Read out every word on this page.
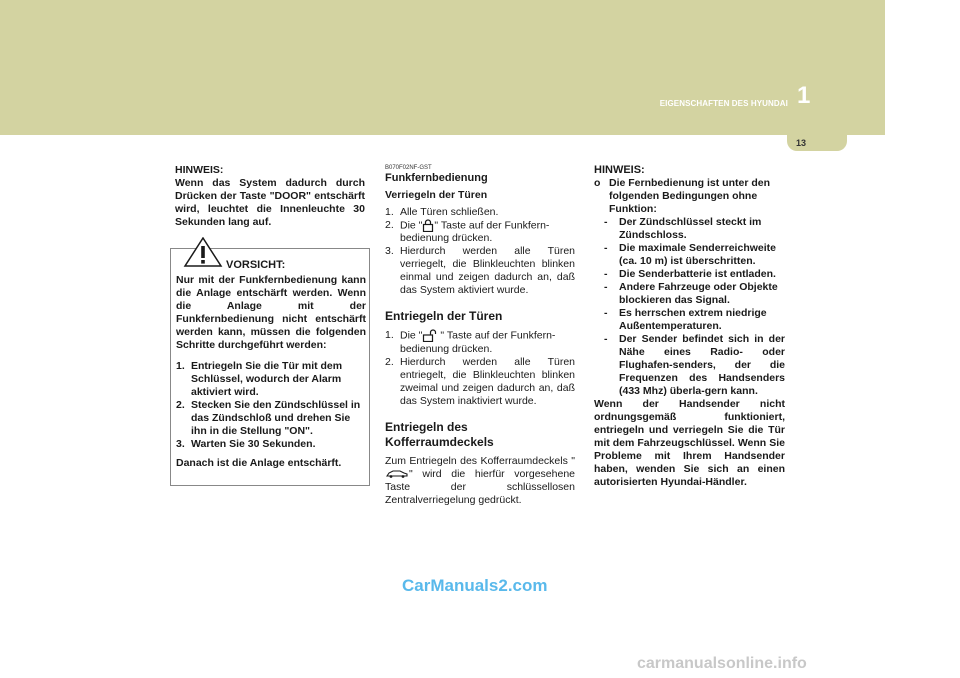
EIGENSCHAFTEN DES HYUNDAI 1
13
HINWEIS:
Wenn das System dadurch durch Drücken der Taste "DOOR" entschärft wird, leuchtet die Innenleuchte 30 Sekunden lang auf.
VORSICHT:
Nur mit der Funkfernbedienung kann die Anlage entschärft werden. Wenn die Anlage mit der Funkfernbedienung nicht entschärft werden kann, müssen die folgenden Schritte durchgeführt werden:
1. Entriegeln Sie die Tür mit dem Schlüssel, wodurch der Alarm aktiviert wird.
2. Stecken Sie den Zündschlüssel in das Zündschloß und drehen Sie ihn in die Stellung "ON".
3. Warten Sie 30 Sekunden.
Danach ist die Anlage entschärft.
B070F02NF-GST
Funkfernbedienung
Verriegeln der Türen
1. Alle Türen schließen.
2. Die " " Taste auf der Funkfern-bedienung drücken.
3. Hierdurch werden alle Türen verriegelt, die Blinkleuchten blinken einmal und zeigen dadurch an, daß das System aktiviert wurde.
Entriegeln der Türen
1. Die " " Taste auf der Funkfern-bedienung drücken.
2. Hierdurch werden alle Türen entriegelt, die Blinkleuchten blinken zweimal und zeigen dadurch an, daß das System inaktiviert wurde.
Entriegeln des Kofferraumdeckels
Zum Entriegeln des Kofferraumdeckels "" wird die hierfür vorgesehene Taste der schlüssellosen Zentralverriegelung gedrückt.
HINWEIS:
o Die Fernbedienung ist unter den folgenden Bedingungen ohne Funktion:
-	Der Zündschlüssel steckt im Zündschloss.
-	Die maximale Senderreichweite (ca. 10 m) ist überschritten.
-	Die Senderbatterie ist entladen.
-	Andere Fahrzeuge oder Objekte blockieren das Signal.
-	Es herrschen extrem niedrige Außentemperaturen.
-	Der Sender befindet sich in der Nähe eines Radio- oder Flughafen-senders, der die Frequenzen des Handsenders (433 Mhz) überla-gern kann.
Wenn der Handsender nicht ordnungsgemäß funktioniert, entriegeln und verriegeln Sie die Tür mit dem Fahrzeugschlüssel. Wenn Sie Probleme mit Ihrem Handsender haben, wenden Sie sich an einen autorisierten Hyundai-Händler.
CarManuals2.com
carmanualsonline.info
